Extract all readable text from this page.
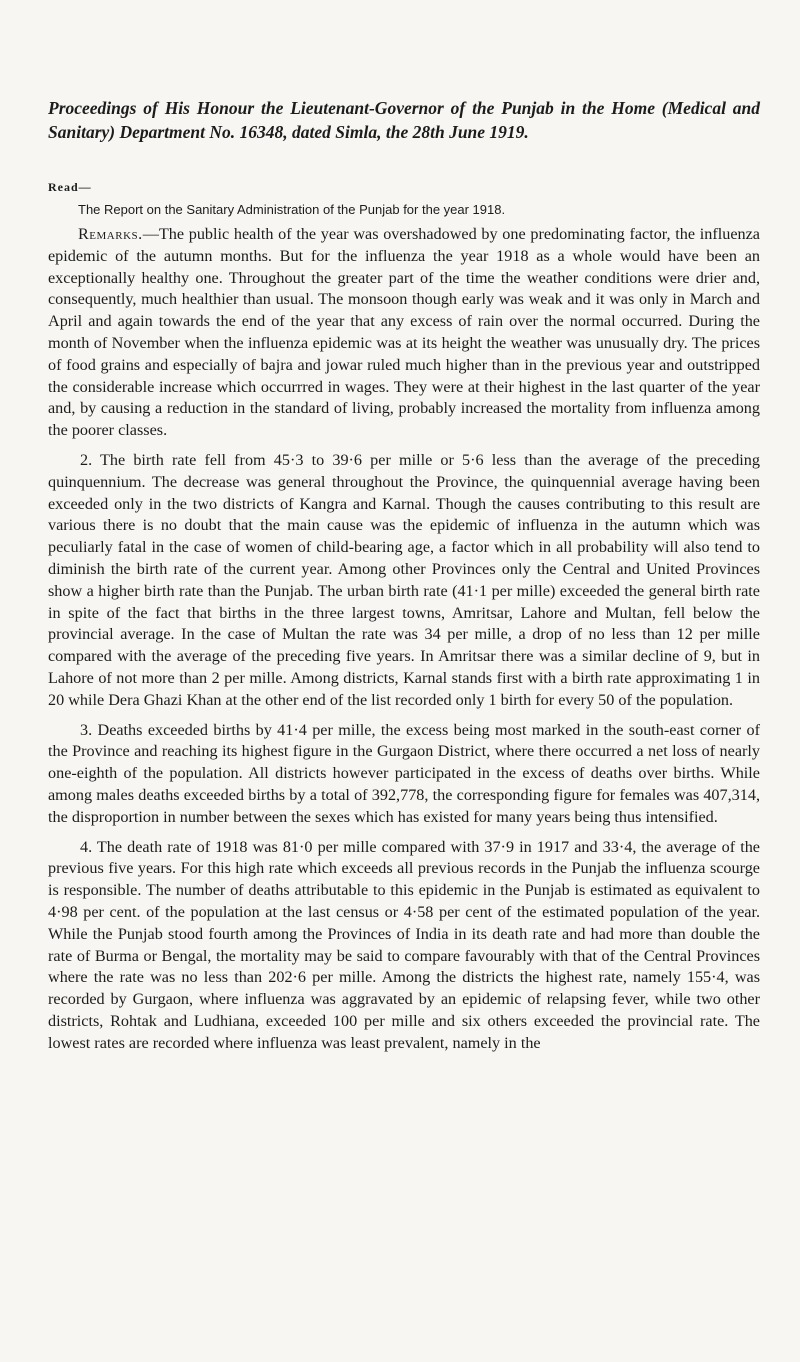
Proceedings of His Honour the Lieutenant-Governor of the Punjab in the Home (Medical and Sanitary) Department No. 16348, dated Simla, the 28th June 1919.
Read—
The Report on the Sanitary Administration of the Punjab for the year 1918.

Remarks.—The public health of the year was overshadowed by one predominating factor, the influenza epidemic of the autumn months. But for the influenza the year 1918 as a whole would have been an exceptionally healthy one. Throughout the greater part of the time the weather conditions were drier and, consequently, much healthier than usual. The monsoon though early was weak and it was only in March and April and again towards the end of the year that any excess of rain over the normal occurred. During the month of November when the influenza epidemic was at its height the weather was unusually dry. The prices of food grains and especially of bajra and jowar ruled much higher than in the previous year and outstripped the considerable increase which occurrred in wages. They were at their highest in the last quarter of the year and, by causing a reduction in the standard of living, probably increased the mortality from influenza among the poorer classes.

2. The birth rate fell from 45·3 to 39·6 per mille or 5·6 less than the average of the preceding quinquennium. The decrease was general throughout the Province, the quinquennial average having been exceeded only in the two districts of Kangra and Karnal. Though the causes contributing to this result are various there is no doubt that the main cause was the epidemic of influenza in the autumn which was peculiarly fatal in the case of women of child-bearing age, a factor which in all probability will also tend to diminish the birth rate of the current year. Among other Provinces only the Central and United Provinces show a higher birth rate than the Punjab. The urban birth rate (41·1 per mille) exceeded the general birth rate in spite of the fact that births in the three largest towns, Amritsar, Lahore and Multan, fell below the provincial average. In the case of Multan the rate was 34 per mille, a drop of no less than 12 per mille compared with the average of the preceding five years. In Amritsar there was a similar decline of 9, but in Lahore of not more than 2 per mille. Among districts, Karnal stands first with a birth rate approximating 1 in 20 while Dera Ghazi Khan at the other end of the list recorded only 1 birth for every 50 of the population.

3. Deaths exceeded births by 41·4 per mille, the excess being most marked in the south-east corner of the Province and reaching its highest figure in the Gurgaon District, where there occurred a net loss of nearly one-eighth of the population. All districts however participated in the excess of deaths over births. While among males deaths exceeded births by a total of 392,778, the corresponding figure for females was 407,314, the disproportion in number between the sexes which has existed for many years being thus intensified.

4. The death rate of 1918 was 81·0 per mille compared with 37·9 in 1917 and 33·4, the average of the previous five years. For this high rate which exceeds all previous records in the Punjab the influenza scourge is responsible. The number of deaths attributable to this epidemic in the Punjab is estimated as equivalent to 4·98 per cent. of the population at the last census or 4·58 per cent of the estimated population of the year. While the Punjab stood fourth among the Provinces of India in its death rate and had more than double the rate of Burma or Bengal, the mortality may be said to compare favourably with that of the Central Provinces where the rate was no less than 202·6 per mille. Among the districts the highest rate, namely 155·4, was recorded by Gurgaon, where influenza was aggravated by an epidemic of relapsing fever, while two other districts, Rohtak and Ludhiana, exceeded 100 per mille and six others exceeded the provincial rate. The lowest rates are recorded where influenza was least prevalent, namely in the
